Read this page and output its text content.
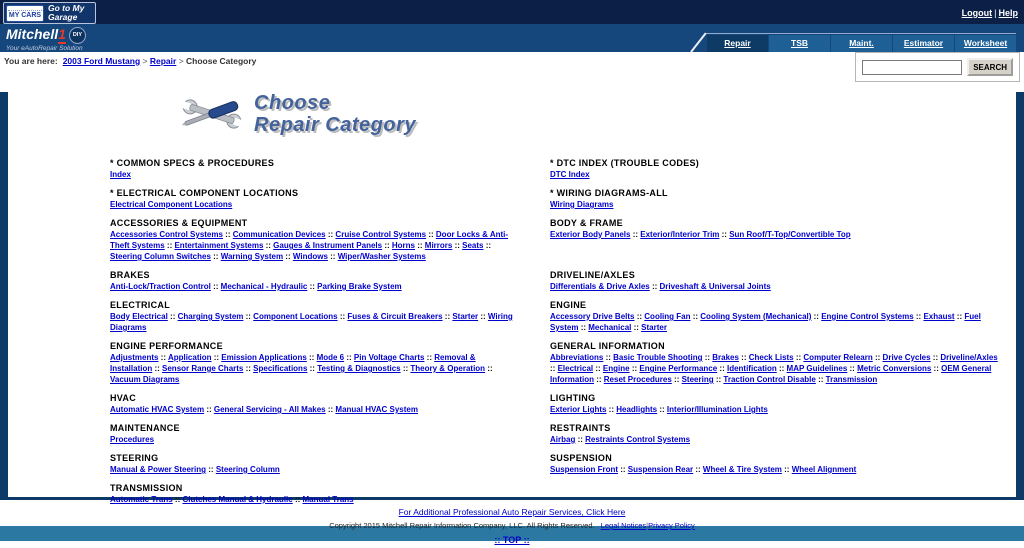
MY CARS
Go to My Garage	Logout | Help
Mitchell1 DIY
Your eAutoRepair Solution
Repair	TSB	Maint.	Estimator	Worksheet
You are here: 2003 Ford Mustang > Repair > Choose Category
SEARCH
Choose
Repair Category
* COMMON SPECS & PROCEDURES
Index
* DTC INDEX (TROUBLE CODES)
DTC Index
* ELECTRICAL COMPONENT LOCATIONS
Electrical Component Locations
* WIRING DIAGRAMS-ALL
Wiring Diagrams
ACCESSORIES & EQUIPMENT
Accessories Control Systems :: Communication Devices :: Cruise Control Systems :: Door Locks & Anti-Theft Systems :: Entertainment Systems :: Gauges & Instrument Panels :: Horns :: Mirrors :: Seats :: Steering Column Switches :: Warning System :: Windows :: Wiper/Washer Systems
BODY & FRAME
Exterior Body Panels :: Exterior/Interior Trim :: Sun Roof/T-Top/Convertible Top
BRAKES
Anti-Lock/Traction Control :: Mechanical - Hydraulic :: Parking Brake System
DRIVELINE/AXLES
Differentials & Drive Axles :: Driveshaft & Universal Joints
ELECTRICAL
Body Electrical :: Charging System :: Component Locations :: Fuses & Circuit Breakers :: Starter :: Wiring Diagrams
ENGINE
Accessory Drive Belts :: Cooling Fan :: Cooling System (Mechanical) :: Engine Control Systems :: Exhaust :: Fuel System :: Mechanical :: Starter
ENGINE PERFORMANCE
Adjustments :: Application :: Emission Applications :: Mode 6 :: Pin Voltage Charts :: Removal & Installation :: Sensor Range Charts :: Specifications :: Testing & Diagnostics :: Theory & Operation :: Vacuum Diagrams
GENERAL INFORMATION
Abbreviations :: Basic Trouble Shooting :: Brakes :: Check Lists :: Computer Relearn :: Drive Cycles :: Driveline/Axles :: Electrical :: Engine :: Engine Performance :: Identification :: MAP Guidelines :: Metric Conversions :: OEM General Information :: Reset Procedures :: Steering :: Traction Control Disable :: Transmission
HVAC
Automatic HVAC System :: General Servicing - All Makes :: Manual HVAC System
LIGHTING
Exterior Lights :: Headlights :: Interior/Illumination Lights
MAINTENANCE
Procedures
RESTRAINTS
Airbag :: Restraints Control Systems
STEERING
Manual & Power Steering :: Steering Column
SUSPENSION
Suspension Front :: Suspension Rear :: Wheel & Tire System :: Wheel Alignment
TRANSMISSION
Automatic Trans :: Clutches Manual & Hydraulic :: Manual Trans
For Additional Professional Auto Repair Services, Click Here
Copyright 2015 Mitchell Repair Information Company, LLC. All Rights Reserved. Legal Notices|Privacy Policy
:: TOP ::
